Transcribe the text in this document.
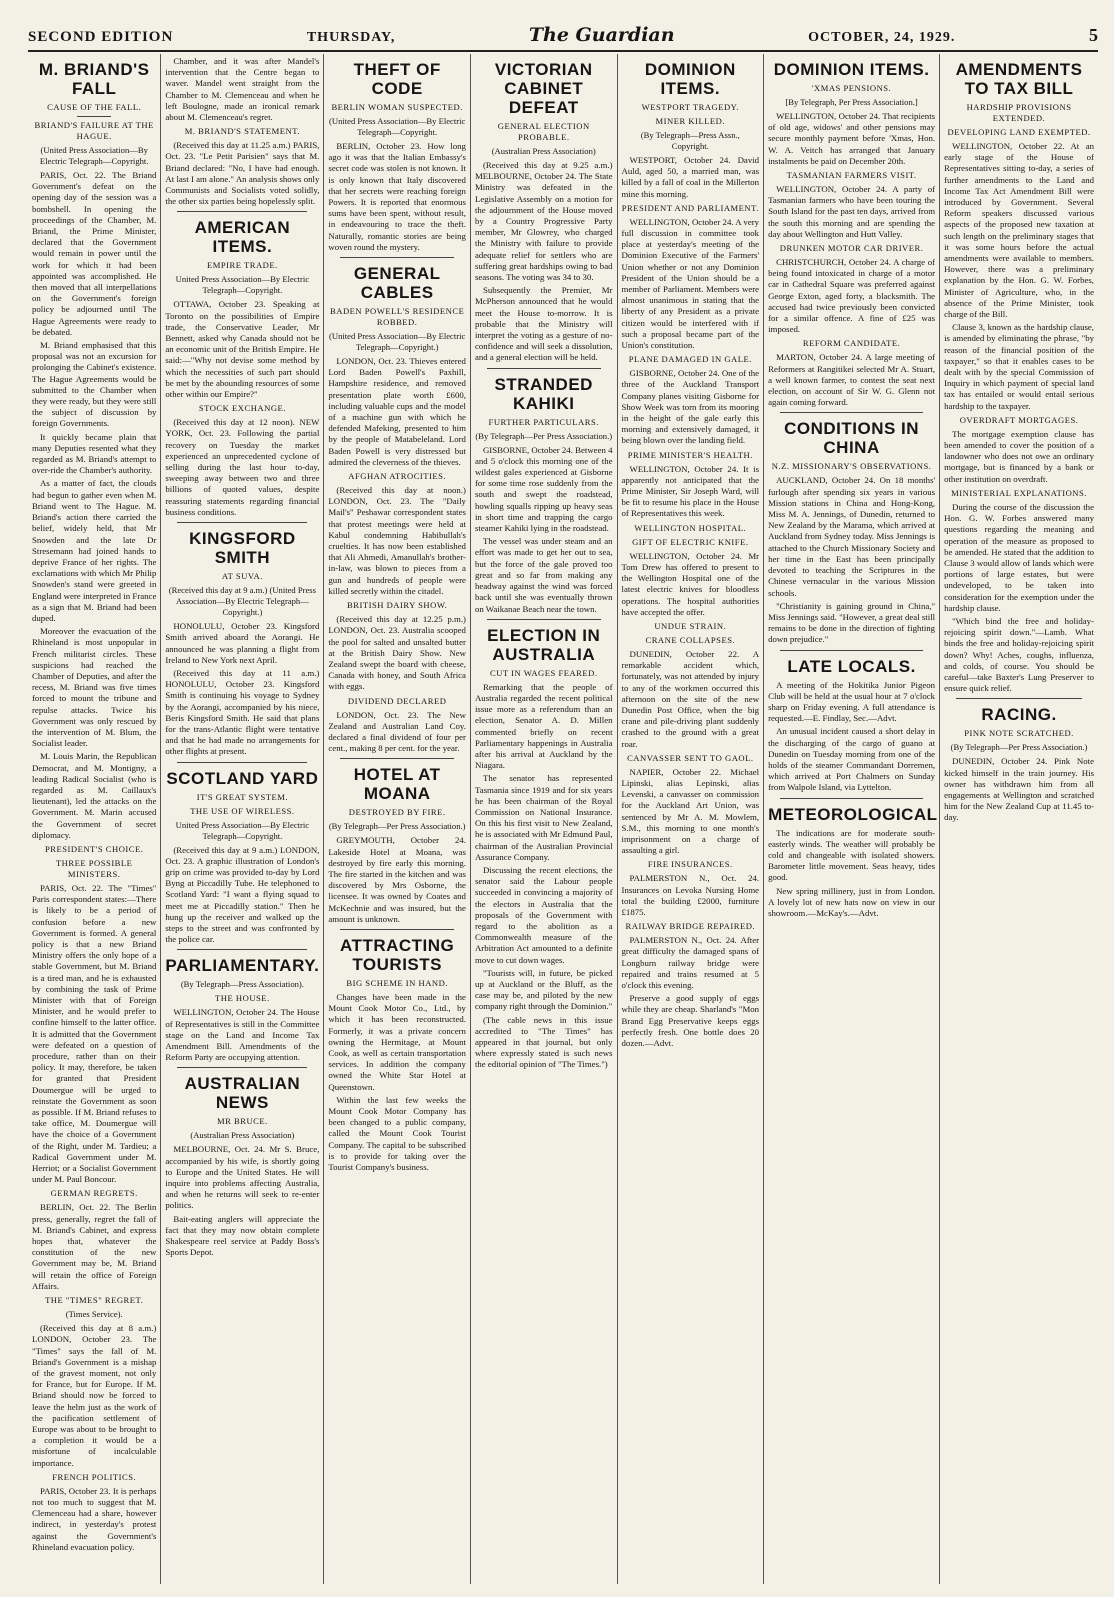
SECOND EDITION	THURSDAY,	The Guardian	OCTOBER, 24, 1929.	5
M. BRIAND'S FALL
CAUSE OF THE FALL.
BRIAND'S FAILURE AT THE HAGUE.
(United Press Association—By Electric Telegraph—Copyright.

PARIS, Oct. 22. The Briand Government's defeat on the opening day of the session was a bombshell. In opening the proceedings of the Chamber, M. Briand, the Prime Minister, declared that the Government would remain in power until the work for which it had been appointed was accomplished. He then moved that all interpellations on the Government's foreign policy be adjourned until The Hague Agreements were ready to be debated.

M. Briand emphasised that this proposal was not an excursion for prolonging the Cabinet's existence. The Hague Agreements would be submitted to the Chamber when they were ready, but they were still the subject of discussion by foreign Governments.

It quickly became plain that many Deputies resented what they regarded as M. Briand's attempt to over-ride the Chamber's authority.

As a matter of fact, the clouds had begun to gather even when M. Briand went to The Hague. M. Briand's action there carried the belief, widely held, that Mr Snowden and the late Dr Stresemann had joined hands to deprive France of her rights. The exclamations with which Mr Philip Snowden's stand were greeted in England were interpreted in France as a sign that M. Briand had been duped.

Moreover the evacuation of the Rhineland is most unpopular in French militarist circles. These suspicions had reached the Chamber of Deputies, and after the recess, M. Briand was five times forced to mount the tribune and repulse attacks. Twice his Government was only rescued by the intervention of M. Blum, the Socialist leader.

M. Louis Marin, the Republican Democrat, and M. Montigny, a leading Radical Socialist (who is regarded as M. Caillaux's lieutenant), led the attacks on the Government. M. Marin accused the Government of secret diplomacy.

PRESIDENT'S CHOICE.
THREE POSSIBLE MINISTERS.

PARIS, Oct. 22. The "Times" Paris correspondent states:—There is likely to be a period of confusion before a new Government is formed. A general policy is that a new Briand Ministry offers the only hope of a stable Government, but M. Briand is a tired man, and he is exhausted by combining the task of Prime Minister with that of Foreign Minister, and he would prefer to confine himself to the latter office. It is admitted that the Government were defeated on a question of procedure, rather than on their policy. It may, therefore, be taken for granted that President Doumergue will be urged to reinstate the Government as soon as possible. If M. Briand refuses to take office, M. Doumergue will have the choice of a Government of the Right, under M. Tardieu; a Radical Government under M. Herriot; or a Socialist Government under M. Paul Boncour.

GERMAN REGRETS.

BERLIN, Oct. 22. The Berlin press, generally, regret the fall of M. Briand's Cabinet, and express hopes that, whatever the constitution of the new Government may be, M. Briand will retain the office of Foreign Affairs.

THE "TIMES" REGRET.
(Times Service).

(Received this day at 8 a.m.) LONDON, October 23. The "Times" says the fall of M. Briand's Government is a mishap of the gravest moment, not only for France, but for Europe. If M. Briand should now be forced to leave the helm just as the work of the pacification settlement of Europe was about to be brought to a completion it would be a misfortune of incalculable importance.

FRENCH POLITICS.

PARIS, October 23. It is perhaps not too much to suggest that M. Clemenceau had a share, however indirect, in yesterday's protest against the Government's Rhineland evacuation policy.

Chamber, and it was after Mandel's intervention that the Centre began to waver. Mandel went straight from the Chamber to M. Clemenceau and when he left Boulogne, made an ironical remark about M. Clemenceau's regret.

M. BRIAND'S STATEMENT.

(Received this day at 11.25 a.m.) PARIS, Oct. 23. "Le Petit Parisien" says that M. Briand declared: "No, I have had enough. At last I am alone." An analysis shows only Communists and Socialists voted solidly, the other six parties being hopelessly split.

AMERICAN ITEMS.
EMPIRE TRADE.
United Press Association—By Electric Telegraph—Copyright.

OTTAWA, October 23. Speaking at Toronto on the possibilities of Empire trade, the Conservative Leader, Mr Bennett, asked why Canada should not be an economic unit of the British Empire. He said:—"Why not devise some method by which the necessities of such part should be met by the abounding resources of some other within our Empire?"

STOCK EXCHANGE.

(Received this day at 12 noon). NEW YORK, Oct. 23. Following the partial recovery on Tuesday the market experienced an unprecedented cyclone of selling during the last hour to-day, sweeping away between two and three billions of quoted values, despite reassuring statements regarding financial business conditions.

KINGSFORD SMITH
AT SUVA.
(Received this day at 9 a.m.) (United Press Association—By Electric Telegraph—Copyright.)

HONOLULU, October 23. Kingsford Smith arrived aboard the Aorangi. He announced he was planning a flight from Ireland to New York next April.

(Received this day at 11 a.m.) HONOLULU, October 23. Kingsford Smith is continuing his voyage to Sydney by the Aorangi, accompanied by his niece, Beris Kingsford Smith. He said that plans for the trans-Atlantic flight were tentative and that he had made no arrangements for other flights at present.

SCOTLAND YARD
IT'S GREAT SYSTEM.
THE USE OF WIRELESS.
United Press Association—By Electric Telegraph—Copyright.

(Received this day at 9 a.m.) LONDON, Oct. 23. A graphic illustration of London's grip on crime was provided to-day by Lord Byng at Piccadilly Tube. He telephoned to Scotland Yard: "I want a flying squad to meet me at Piccadilly station." Then he hung up the receiver and walked up the steps to the street and was confronted by the police car.

PARLIAMENTARY.
(By Telegraph—Press Association).
THE HOUSE.

WELLINGTON, October 24. The House of Representatives is still in the Committee stage on the Land and Income Tax Amendment Bill. Amendments of the Reform Party are occupying attention.

AUSTRALIAN NEWS
MR BRUCE.
(Australian Press Association)

MELBOURNE, Oct. 24. Mr S. Bruce, accompanied by his wife, is shortly going to Europe and the United States. He will inquire into problems affecting Australia, and when he returns will seek to re-enter politics.

Bait-eating anglers will appreciate the fact that they may now obtain complete Shakespeare reel service at Paddy Boss's Sports Depot.

THEFT OF CODE
BERLIN WOMAN SUSPECTED.
(United Press Association—By Electric Telegraph—Copyright.

BERLIN, October 23. How long ago it was that the Italian Embassy's secret code was stolen is not known. It is only known that Italy discovered that her secrets were reaching foreign Powers. It is reported that enormous sums have been spent, without result, in endeavouring to trace the theft. Naturally, romantic stories are being woven round the mystery.

GENERAL CABLES
BADEN POWELL'S RESIDENCE ROBBED.
(United Press Association—By Electric Telegraph—Copyright.)

LONDON, Oct. 23. Thieves entered Lord Baden Powell's Paxhill, Hampshire residence, and removed presentation plate worth £600, including valuable cups and the model of a machine gun with which he defended Mafeking, presented to him by the people of Matabeleland. Lord Baden Powell is very distressed but admired the cleverness of the thieves.

AFGHAN ATROCITIES.

(Received this day at noon.) LONDON, Oct. 23. The "Daily Mail's" Peshawar correspondent states that protest meetings were held at Kabul condemning Habibullah's cruelties. It has now been established that Ali Ahmedi, Amanullah's brother-in-law, was blown to pieces from a gun and hundreds of people were killed secretly within the citadel.

BRITISH DAIRY SHOW.

(Received this day at 12.25 p.m.) LONDON, Oct. 23. Australia scooped the pool for salted and unsalted butter at the British Dairy Show. New Zealand swept the board with cheese, Canada with honey, and South Africa with eggs.

DIVIDEND DECLARED

LONDON, Oct. 23. The New Zealand and Australian Land Coy. declared a final dividend of four per cent., making 8 per cent. for the year.

HOTEL AT MOANA
DESTROYED BY FIRE.
(By Telegraph—Per Press Association.)

GREYMOUTH, October 24. Lakeside Hotel at Moana, was destroyed by fire early this morning. The fire started in the kitchen and was discovered by Mrs Osborne, the licensee. It was owned by Coates and McKechnie and was insured, but the amount is unknown.

ATTRACTING TOURISTS
BIG SCHEME IN HAND.

Changes have been made in the Mount Cook Motor Co., Ltd., by which it has been reconstructed. Formerly, it was a private concern owning the Hermitage, at Mount Cook, as well as certain transportation services. In addition the company owned the White Star Hotel at Queenstown.

Within the last few weeks the Mount Cook Motor Company has been changed to a public company, called the Mount Cook Tourist Company. The capital to be subscribed is to provide for taking over the Tourist Company's business.

VICTORIAN CABINET DEFEAT
GENERAL ELECTION PROBABLE.
(Australian Press Association)

(Received this day at 9.25 a.m.) MELBOURNE, October 24. The State Ministry was defeated in the Legislative Assembly on a motion for the adjournment of the House moved by a Country Progressive Party member, Mr Glowrey, who charged the Ministry with failure to provide adequate relief for settlers who are suffering great hardships owing to bad seasons. The voting was 34 to 30.

Subsequently the Premier, Mr McPherson announced that he would meet the House to-morrow. It is probable that the Ministry will interpret the voting as a gesture of no-confidence and will seek a dissolution, and a general election will be held.

STRANDED KAHIKI
FURTHER PARTICULARS.
(By Telegraph—Per Press Association.)

GISBORNE, October 24. Between 4 and 5 o'clock this morning one of the wildest gales experienced at Gisborne for some time rose suddenly from the south and swept the roadstead, howling squalls ripping up heavy seas in short time and trapping the cargo steamer Kahiki lying in the roadstead.

The vessel was under steam and an effort was made to get her out to sea, but the force of the gale proved too great and so far from making any headway against the wind was forced back until she was eventually thrown on Waikanae Beach near the town.

ELECTION IN AUSTRALIA
CUT IN WAGES FEARED.

Remarking that the people of Australia regarded the recent political issue more as a referendum than an election, Senator A. D. Millen commented briefly on recent Parliamentary happenings in Australia after his arrival at Auckland by the Niagara.

The senator has represented Tasmania since 1919 and for six years he has been chairman of the Royal Commission on National Insurance. On this his first visit to New Zealand, he is associated with Mr Edmund Paul, chairman of the Australian Provincial Assurance Company.

Discussing the recent elections, the senator said the Labour people succeeded in convincing a majority of the electors in Australia that the proposals of the Government with regard to the abolition as a Commonwealth measure of the Arbitration Act amounted to a definite move to cut down wages.

"Tourists will, in future, be picked up at Auckland or the Bluff, as the case may be, and piloted by the new company right through the Dominion."

(The cable news in this issue accredited to "The Times" has appeared in that journal, but only where expressly stated is such news the editorial opinion of "The Times.")

DOMINION ITEMS.
WESTPORT TRAGEDY.
MINER KILLED.
(By Telegraph—Press Assn., Copyright.

WESTPORT, October 24. David Auld, aged 50, a married man, was killed by a fall of coal in the Millerton mine this morning.

PRESIDENT AND PARLIAMENT.

WELLINGTON, October 24. A very full discussion in committee took place at yesterday's meeting of the Dominion Executive of the Farmers' Union whether or not any Dominion President of the Union should be a member of Parliament. Members were almost unanimous in stating that the liberty of any President as a private citizen would be interfered with if such a proposal became part of the Union's constitution.

PLANE DAMAGED IN GALE.

GISBORNE, October 24. One of the three of the Auckland Transport Company planes visiting Gisborne for Show Week was torn from its mooring in the height of the gale early this morning and extensively damaged, it being blown over the landing field.

PRIME MINISTER'S HEALTH.

WELLINGTON, October 24. It is apparently not anticipated that the Prime Minister, Sir Joseph Ward, will be fit to resume his place in the House of Representatives this week.

WELLINGTON HOSPITAL.
GIFT OF ELECTRIC KNIFE.

WELLINGTON, October 24. Mr Tom Drew has offered to present to the Wellington Hospital one of the latest electric knives for bloodless operations. The hospital authorities have accepted the offer.

UNDUE STRAIN.
CRANE COLLAPSES.

DUNEDIN, October 22. A remarkable accident which, fortunately, was not attended by injury to any of the workmen occurred this afternoon on the site of the new Dunedin Post Office, when the big crane and pile-driving plant suddenly crashed to the ground with a great roar.

CANVASSER SENT TO GAOL.

NAPIER, October 22. Michael Lipinski, alias Lepinski, alias Levenski, a canvasser on commission for the Auckland Art Union, was sentenced by Mr A. M. Mowlem, S.M., this morning to one month's imprisonment on a charge of assaulting a girl.

FIRE INSURANCES.

PALMERSTON N., Oct. 24. Insurances on Levoka Nursing Home total the building £2000, furniture £1875.

RAILWAY BRIDGE REPAIRED.

PALMERSTON N., Oct. 24. After great difficulty the damaged spans of Longburn railway bridge were repaired and trains resumed at 5 o'clock this evening.

Preserve a good supply of eggs while they are cheap. Sharland's "Mon Brand Egg Preservative keeps eggs perfectly fresh. One bottle does 20 dozen.—Advt.

DOMINION ITEMS.
'XMAS PENSIONS.
[By Telegraph, Per Press Association.]

WELLINGTON, October 24. That recipients of old age, widows' and other pensions may secure monthly payment before 'Xmas, Hon. W. A. Veitch has arranged that January instalments be paid on December 20th.

TASMANIAN FARMERS VISIT.

WELLINGTON, October 24. A party of Tasmanian farmers who have been touring the South Island for the past ten days, arrived from the south this morning and are spending the day about Wellington and Hutt Valley.

DRUNKEN MOTOR CAR DRIVER.

CHRISTCHURCH, October 24. A charge of being found intoxicated in charge of a motor car in Cathedral Square was preferred against George Exton, aged forty, a blacksmith. The accused had twice previously been convicted for a similar offence. A fine of £25 was imposed.

REFORM CANDIDATE.

MARTON, October 24. A large meeting of Reformers at Rangitikei selected Mr A. Stuart, a well known farmer, to contest the seat next election, on account of Sir W. G. Glenn not again coming forward.

CONDITIONS IN CHINA
N.Z. MISSIONARY'S OBSERVATIONS.

AUCKLAND, October 24. On 18 months' furlough after spending six years in various Mission stations in China and Hong-Kong, Miss M. A. Jennings, of Dunedin, returned to New Zealand by the Marama, which arrived at Auckland from Sydney today. Miss Jennings is attached to the Church Missionary Society and her time in the East has been principally devoted to teaching the Scriptures in the Chinese vernacular in the various Mission schools.

"Christianity is gaining ground in China," Miss Jennings said. "However, a great deal still remains to be done in the direction of fighting down prejudice."

LATE LOCALS.

A meeting of the Hokitika Junior Pigeon Club will be held at the usual hour at 7 o'clock sharp on Friday evening. A full attendance is requested.—E. Findlay, Sec.—Advt.

An unusual incident caused a short delay in the discharging of the cargo of guano at Dunedin on Tuesday morning from one of the holds of the steamer Commandant Dorremen, which arrived at Port Chalmers on Sunday from Walpole Island, via Lyttelton.

METEOROLOGICAL

The indications are for moderate south-easterly winds. The weather will probably be cold and changeable with isolated showers. Barometer little movement. Seas heavy, tides good.

New spring millinery, just in from London. A lovely lot of new hats now on view in our showroom.—McKay's.—Advt.

AMENDMENTS TO TAX BILL
HARDSHIP PROVISIONS EXTENDED.
DEVELOPING LAND EXEMPTED.

WELLINGTON, October 22. At an early stage of the House of Representatives sitting to-day, a series of further amendments to the Land and Income Tax Act Amendment Bill were introduced by Government. Several Reform speakers discussed various aspects of the proposed new taxation at such length on the preliminary stages that it was some hours before the actual amendments were available to members. However, there was a preliminary explanation by the Hon. G. W. Forbes, Minister of Agriculture, who, in the absence of the Prime Minister, took charge of the Bill.

Clause 3, known as the hardship clause, is amended by eliminating the phrase, "by reason of the financial position of the taxpayer," so that it enables cases to be dealt with by the special Commission of Inquiry in which payment of special land tax has entailed or would entail serious hardship to the taxpayer.

OVERDRAFT MORTGAGES.

The mortgage exemption clause has been amended to cover the position of a landowner who does not owe an ordinary mortgage, but is financed by a bank or other institution on overdraft.

MINISTERIAL EXPLANATIONS.

During the course of the discussion the Hon. G. W. Forbes answered many questions regarding the meaning and operation of the measure as proposed to be amended. He stated that the addition to Clause 3 would allow of lands which were portions of large estates, but were undeveloped, to be taken into consideration for the exemption under the hardship clause.

"Which bind the free and holiday-rejoicing spirit down."—Lamb. What binds the free and holiday-rejoicing spirit down? Why! Aches, coughs, influenza, and colds, of course. You should be careful—take Baxter's Lung Preserver to ensure quick relief.

RACING.
PINK NOTE SCRATCHED.
(By Telegraph—Per Press Association.)

DUNEDIN, October 24. Pink Note kicked himself in the train journey. His owner has withdrawn him from all engagements at Wellington and scratched him for the New Zealand Cup at 11.45 to-day.
